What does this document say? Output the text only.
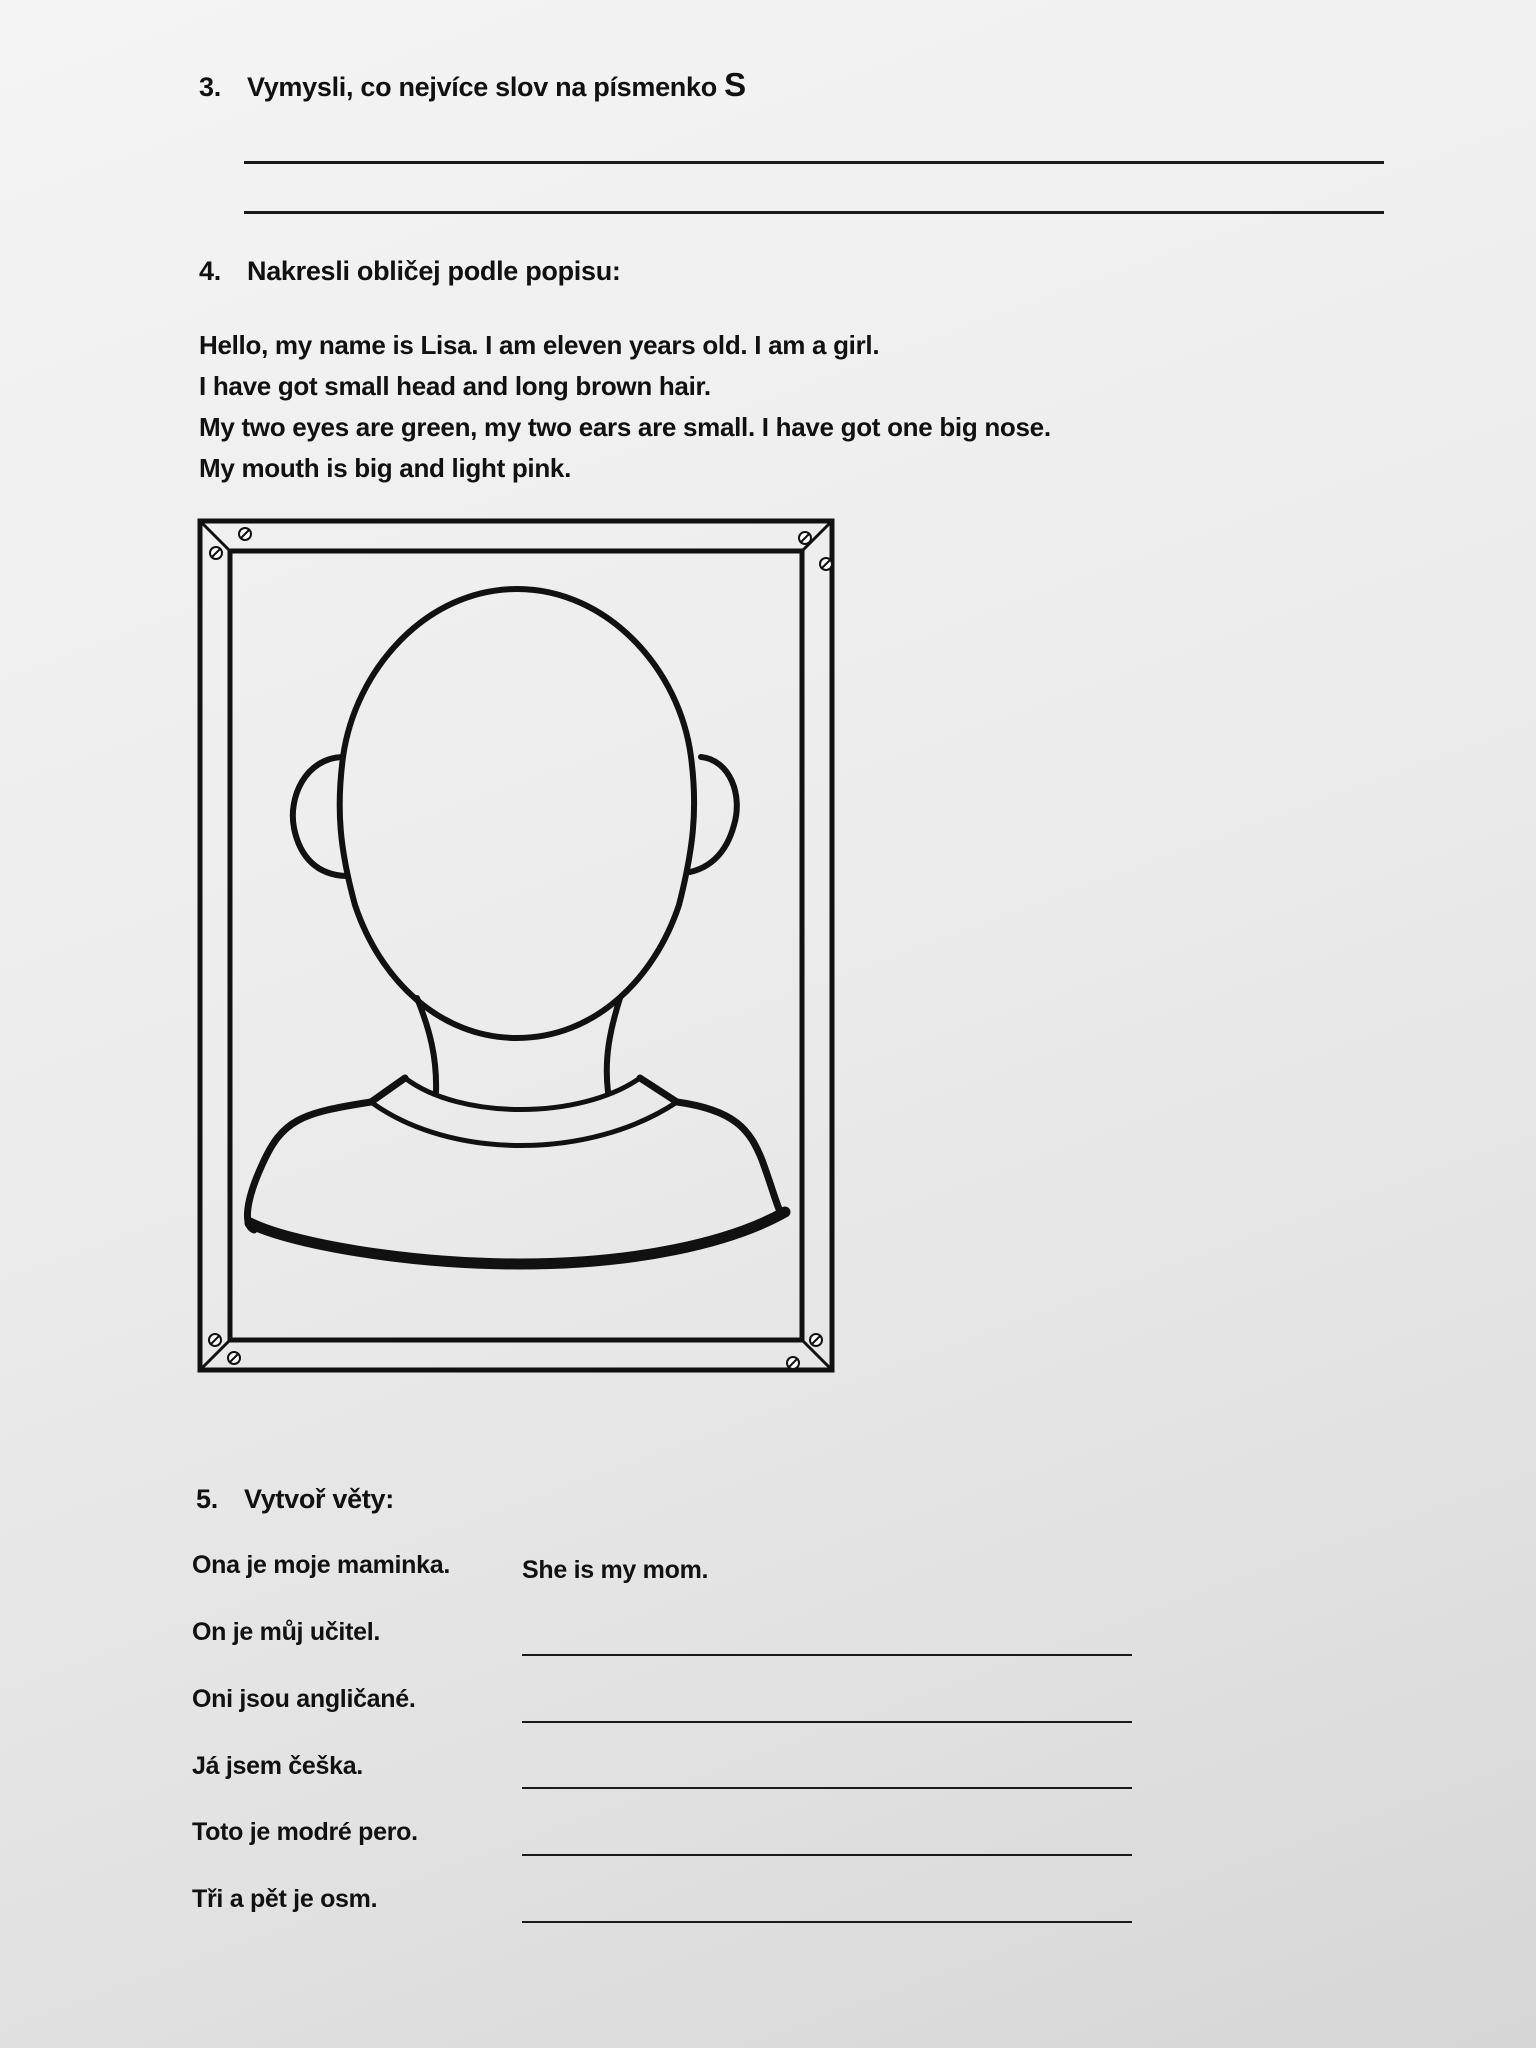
3. Vymysli, co nejvíce slov na písmenko S
4. Nakresli obličej podle popisu:
Hello, my name is Lisa. I am eleven years old. I am a girl.
I have got small head and long brown hair.
My two eyes are green, my two ears are small. I have got one big nose.
My mouth is big and light pink.
5. Vytvoř věty:
Ona je moje maminka.	She is my mom.
On je můj učitel.
Oni jsou angličané.
Já jsem češka.
Toto je modré pero.
Tři a pět je osm.
